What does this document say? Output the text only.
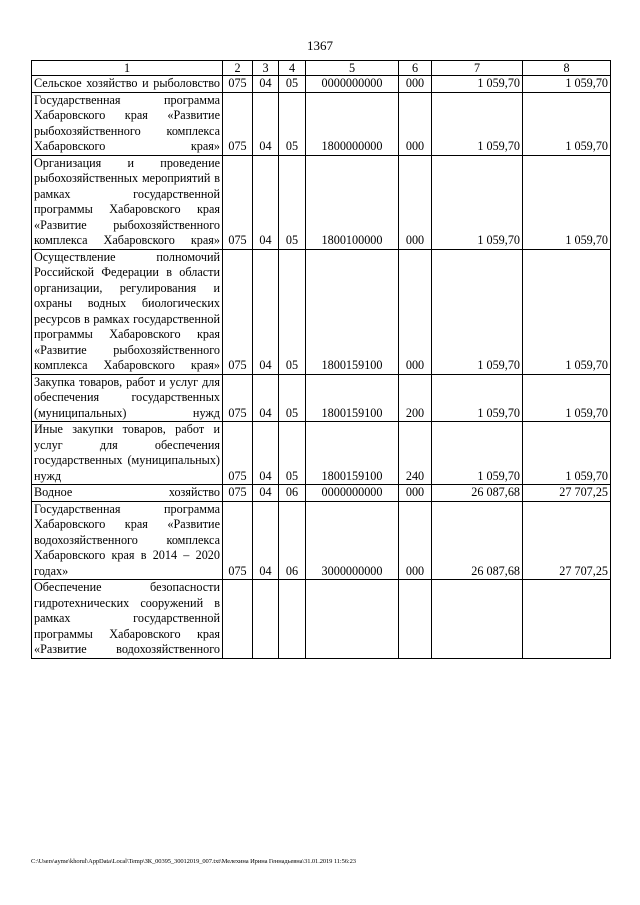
1367
1	2	3	4	5	6	7	8
Сельское хозяйство и рыболовство	075	04	05	0000000000	000	1 059,70	1 059,70
Государственная программа Хабаровского края «Развитие рыбохозяйственного комплекса Хабаровского края»	075	04	05	1800000000	000	1 059,70	1 059,70
Организация и проведение рыбохозяйственных мероприятий в рамках государственной программы Хабаровского края «Развитие рыбохозяйственного комплекса Хабаровского края»	075	04	05	1800100000	000	1 059,70	1 059,70
Осуществление полномочий Российской Федерации в области организации, регулирования и охраны водных биологических ресурсов в рамках государственной программы Хабаровского края «Развитие рыбохозяйственного комплекса Хабаровского края»	075	04	05	1800159100	000	1 059,70	1 059,70
Закупка товаров, работ и услуг для обеспечения государственных (муниципальных) нужд	075	04	05	1800159100	200	1 059,70	1 059,70
Иные закупки товаров, работ и услуг для обеспечения государственных (муниципальных) нужд	075	04	05	1800159100	240	1 059,70	1 059,70
Водное хозяйство	075	04	06	0000000000	000	26 087,68	27 707,25
Государственная программа Хабаровского края «Развитие водохозяйственного комплекса Хабаровского края в 2014 – 2020 годах»	075	04	06	3000000000	000	26 087,68	27 707,25
Обеспечение безопасности гидротехнических сооружений в рамках государственной программы Хабаровского края «Развитие водохозяйственного							
C:\Users\ayme\khorul\AppData\Local\Temp\ЗК_00395_30012019_007.txt\Мелехина Ирина Геннадьевна\31.01.2019 11:56:23
